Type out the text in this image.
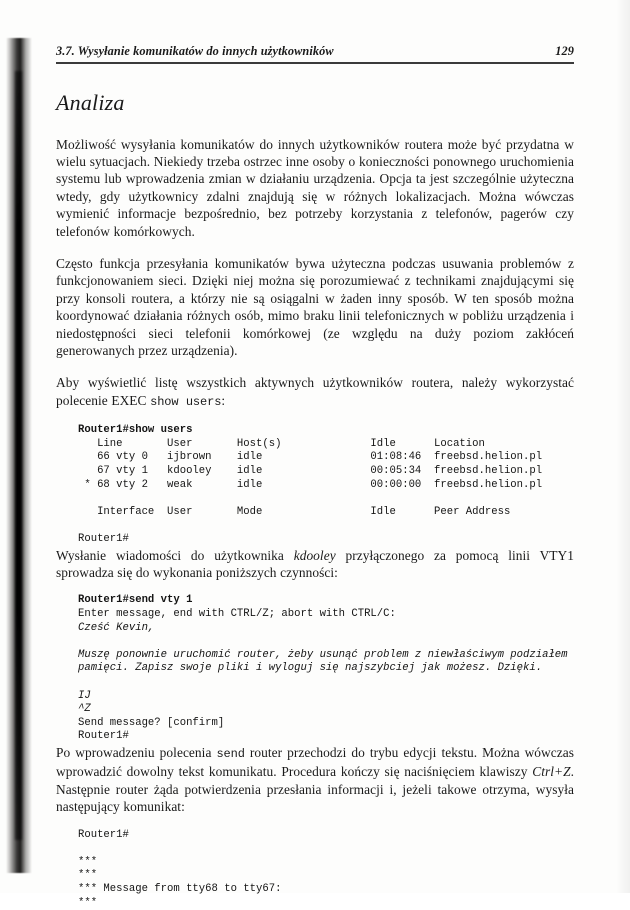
3.7. Wysyłanie komunikatów do innych użytkowników	129
Analiza

Możliwość wysyłania komunikatów do innych użytkowników routera może być przydatna w wielu sytuacjach. Niekiedy trzeba ostrzec inne osoby o konieczności ponownego uruchomienia systemu lub wprowadzenia zmian w działaniu urządzenia. Opcja ta jest szczególnie użyteczna wtedy, gdy użytkownicy zdalni znajdują się w różnych lokalizacjach. Można wówczas wymienić informacje bezpośrednio, bez potrzeby korzystania z telefonów, pagerów czy telefonów komórkowych.

Często funkcja przesyłania komunikatów bywa użyteczna podczas usuwania problemów z funkcjonowaniem sieci. Dzięki niej można się porozumiewać z technikami znajdującymi się przy konsoli routera, a którzy nie są osiągalni w żaden inny sposób. W ten sposób można koordynować działania różnych osób, mimo braku linii telefonicznych w pobliżu urządzenia i niedostępności sieci telefonii komórkowej (ze względu na duży poziom zakłóceń generowanych przez urządzenia).

Aby wyświetlić listę wszystkich aktywnych użytkowników routera, należy wykorzystać polecenie EXEC show users:

Router1#show users
Line       User       Host(s)              Idle      Location
66 vty 0   ijbrown    idle                 01:08:46  freebsd.helion.pl
67 vty 1   kdooley    idle                 00:05:34  freebsd.helion.pl
* 68 vty 2   weak       idle                 00:00:00  freebsd.helion.pl

Interface  User       Mode                 Idle      Peer Address

Router1#

Wysłanie wiadomości do użytkownika kdooley przyłączonego za pomocą linii VTY1 sprowadza się do wykonania poniższych czynności:

Router1#send vty 1
Enter message, end with CTRL/Z; abort with CTRL/C:
Cześć Kevin,

Muszę ponownie uruchomić router, żeby usunąć problem z niewłaściwym podziałem
pamięci. Zapisz swoje pliki i wyloguj się najszybciej jak możesz. Dzięki.

IJ
^Z
Send message? [confirm]
Router1#

Po wprowadzeniu polecenia send router przechodzi do trybu edycji tekstu. Można wówczas wprowadzić dowolny tekst komunikatu. Procedura kończy się naciśnięciem klawiszy Ctrl+Z. Następnie router żąda potwierdzenia przesłania informacji i, jeżeli takowe otrzyma, wysyła następujący komunikat:

Router1#

***
***
*** Message from tty68 to tty67:
***
